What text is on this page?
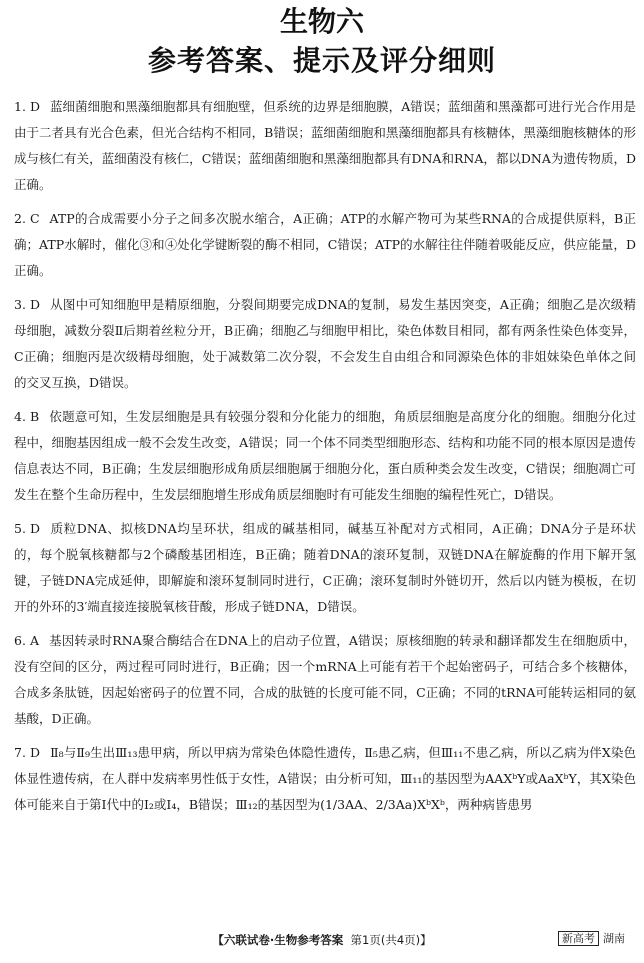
生物六
参考答案、提示及评分细则

1. D 蓝细菌细胞和黑藻细胞都具有细胞壁，但系统的边界是细胞膜，A错误；蓝细菌和黑藻都可进行光合作用是由于二者具有光合色素，但光合结构不相同，B错误；蓝细菌细胞和黑藻细胞都具有核糖体，黑藻细胞核糖体的形成与核仁有关，蓝细菌没有核仁，C错误；蓝细菌细胞和黑藻细胞都具有DNA和RNA，都以DNA为遗传物质，D正确。

2. C ATP的合成需要小分子之间多次脱水缩合，A正确；ATP的水解产物可为某些RNA的合成提供原料，B正确；ATP水解时，催化③和④处化学键断裂的酶不相同，C错误；ATP的水解往往伴随着吸能反应，供应能量，D正确。

3. D 从图中可知细胞甲是精原细胞，分裂间期要完成DNA的复制，易发生基因突变，A正确；细胞乙是次级精母细胞，减数分裂Ⅱ后期着丝粒分开，B正确；细胞乙与细胞甲相比，染色体数目相同，都有两条性染色体变异，C正确；细胞丙是次级精母细胞，处于减数第二次分裂，不会发生自由组合和同源染色体的非姐妹染色单体之间的交叉互换，D错误。

4. B 依题意可知，生发层细胞是具有较强分裂和分化能力的细胞，角质层细胞是高度分化的细胞。细胞分化过程中，细胞基因组成一般不会发生改变，A错误；同一个体不同类型细胞形态、结构和功能不同的根本原因是遗传信息表达不同，B正确；生发层细胞形成角质层细胞属于细胞分化，蛋白质种类会发生改变，C错误；细胞凋亡可发生在整个生命历程中，生发层细胞增生形成角质层细胞时有可能发生细胞的编程性死亡，D错误。

5. D 质粒DNA、拟核DNA均呈环状，组成的碱基相同，碱基互补配对方式相同，A正确；DNA分子是环状的，每个脱氧核糖都与2个磷酸基团相连，B正确；随着DNA的滚环复制，双链DNA在解旋酶的作用下解开氢键，子链DNA完成延伸，即解旋和滚环复制同时进行，C正确；滚环复制时外链切开，然后以内链为模板，在切开的外环的3′端直接连接脱氧核苷酸，形成子链DNA，D错误。

6. A 基因转录时RNA聚合酶结合在DNA上的启动子位置，A错误；原核细胞的转录和翻译都发生在细胞质中，没有空间的区分，两过程可同时进行，B正确；因一个mRNA上可能有若干个起始密码子，可结合多个核糖体，合成多条肽链，因起始密码子的位置不同，合成的肽链的长度可能不同，C正确；不同的tRNA可能转运相同的氨基酸，D正确。

7. D Ⅱ₈与Ⅱ₉生出Ⅲ₁₃患甲病，所以甲病为常染色体隐性遗传，Ⅱ₅患乙病，但Ⅲ₁₁不患乙病，所以乙病为伴X染色体显性遗传病，在人群中发病率男性低于女性，A错误；由分析可知，Ⅲ₁₁的基因型为AAXᵇY或AaXᵇY，其X染色体可能来自于第Ⅰ代中的Ⅰ₂或Ⅰ₄，B错误；Ⅲ₁₂的基因型为(1/3AA、2/3Aa)XᵇXᵇ，两种病皆患男

【六联试卷·生物参考答案 第1页(共4页)】	新高考 湖南
